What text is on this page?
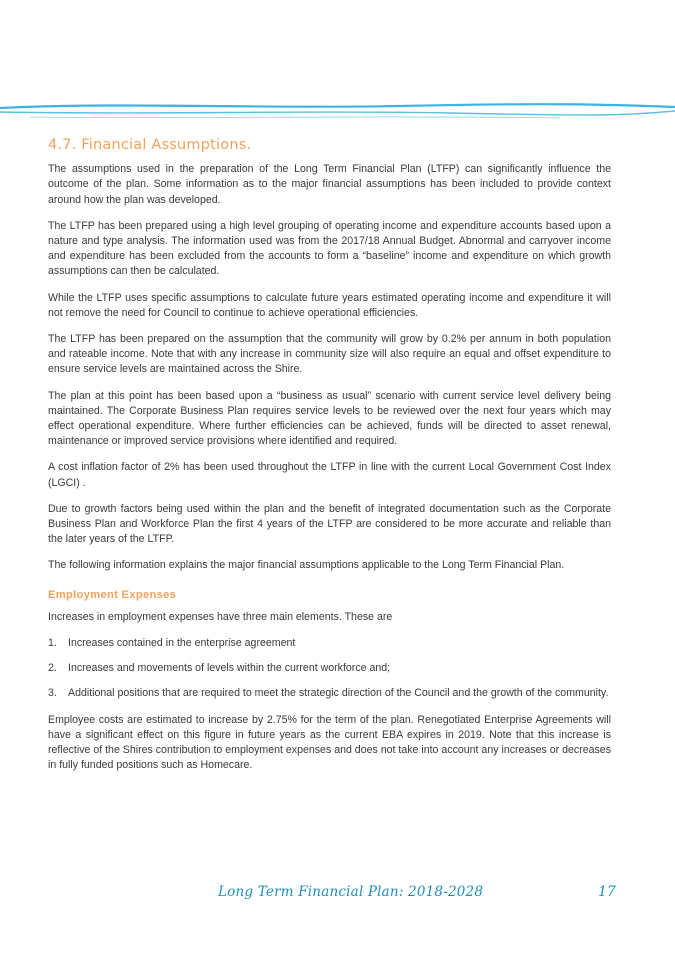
4.7. Financial Assumptions.

The assumptions used in the preparation of the Long Term Financial Plan (LTFP) can significantly influence the outcome of the plan. Some information as to the major financial assumptions has been included to provide context around how the plan was developed.

The LTFP has been prepared using a high level grouping of operating income and expenditure accounts based upon a nature and type analysis. The information used was from the 2017/18 Annual Budget. Abnormal and carryover income and expenditure has been excluded from the accounts to form a “baseline” income and expenditure on which growth assumptions can then be calculated.

While the LTFP uses specific assumptions to calculate future years estimated operating income and expenditure it will not remove the need for Council to continue to achieve operational efficiencies.

The LTFP has been prepared on the assumption that the community will grow by 0.2% per annum in both population and rateable income. Note that with any increase in community size will also require an equal and offset expenditure to ensure service levels are maintained across the Shire.

The plan at this point has been based upon a “business as usual” scenario with current service level delivery being maintained. The Corporate Business Plan requires service levels to be reviewed over the next four years which may effect operational expenditure. Where further efficiencies can be achieved, funds will be directed to asset renewal, maintenance or improved service provisions where identified and required.

A cost inflation factor of 2% has been used throughout the LTFP in line with the current Local Government Cost Index (LGCI) .

Due to growth factors being used within the plan and the benefit of integrated documentation such as the Corporate Business Plan and Workforce Plan the first 4 years of the LTFP are considered to be more accurate and reliable than the later years of the LTFP.

The following information explains the major financial assumptions applicable to the Long Term Financial Plan.

Employment Expenses

Increases in employment expenses have three main elements. These are

1.	Increases contained in the enterprise agreement
2.	Increases and movements of levels within the current workforce and;
3.	Additional positions that are required to meet the strategic direction of the Council and the growth of the community.

Employee costs are estimated to increase by 2.75% for the term of the plan. Renegotiated Enterprise Agreements will have a significant effect on this figure in future years as the current EBA expires in 2019. Note that this increase is reflective of the Shires contribution to employment expenses and does not take into account any increases or decreases in fully funded positions such as Homecare.

Long Term Financial Plan: 2018-2028	17
